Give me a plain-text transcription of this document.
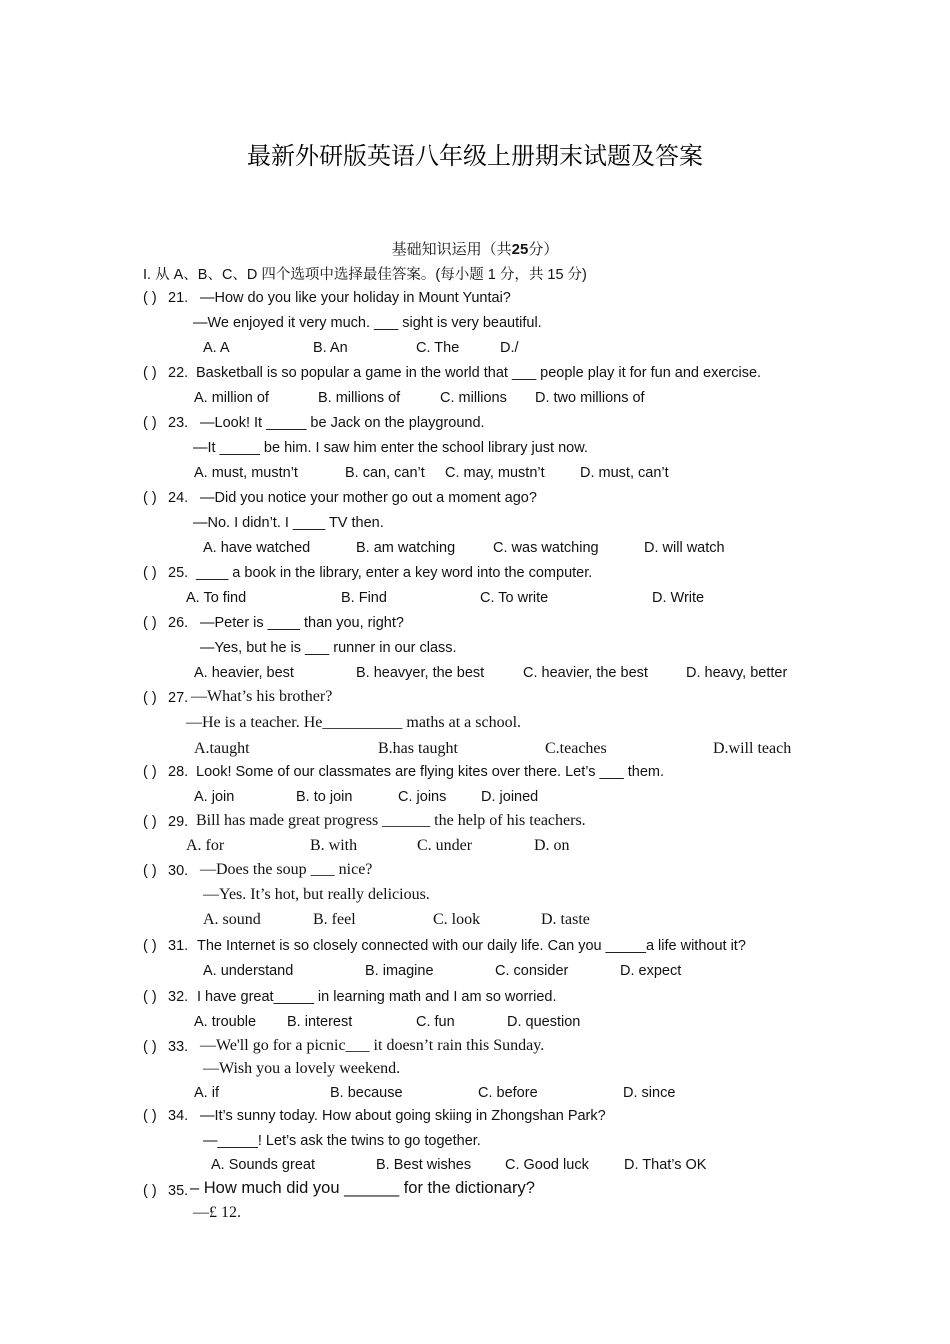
最新外研版英语八年级上册期末试题及答案
基础知识运用（共25分）
I. 从 A、B、C、D 四个选项中选择最佳答案。(每小题 1 分，共 15 分)
( ) 21. —How do you like your holiday in Mount Yuntai?
—We enjoyed it very much. ___ sight is very beautiful.
A. A	B. An	C. The	D./
( ) 22. Basketball is so popular a game in the world that ___ people play it for fun and exercise.
A. million of	B. millions of	C. millions D. two millions of
( ) 23. —Look! It _____ be Jack on the playground.
—It _____ be him. I saw him enter the school library just now.
A. must, mustn’t	B. can, can’t C. may, mustn’t D. must, can’t
( ) 24. —Did you notice your mother go out a moment ago?
—No. I didn’t. I ____ TV then.
A. have watched	B. am watching	C. was watching	D. will watch
( ) 25. ____ a book in the library, enter a key word into the computer.
A. To find	B. Find	C. To write	D. Write
( ) 26. —Peter is ____ than you, right?
—Yes, but he is ___ runner in our class.
A. heavier, best	B. heavyer, the best	C. heavier, the best	D. heavy, better
( ) 27. —What’s his brother?
—He is a teacher. He__________ maths at a school.
A.taught	B.has taught	C.teaches	D.will teach
( ) 28. Look! Some of our classmates are flying kites over there. Let’s ___ them.
A. join	B. to join	C. joins D. joined
( ) 29. Bill has made great progress ______ the help of his teachers.
A. for	B. with	C. under	D. on
( ) 30. —Does the soup ___ nice?
—Yes. It’s hot, but really delicious.
A. sound	B. feel	C. look	D. taste
( ) 31. The Internet is so closely connected with our daily life. Can you _____a life without it?
A. understand	B. imagine	C. consider	D. expect
( ) 32. I have great_____ in learning math and I am so worried.
A. trouble B. interest	C. fun	D. question
( ) 33. —We'll go for a picnic___ it doesn’t rain this Sunday.
—Wish you a lovely weekend.
A. if	B. because	C. before	D. since
( ) 34. —It’s sunny today. How about going skiing in Zhongshan Park?
—_____! Let’s ask the twins to go together.
A. Sounds great	B. Best wishes C. Good luck D. That’s OK
( ) 35. – How much did you ______ for the dictionary?
—£ 12.
